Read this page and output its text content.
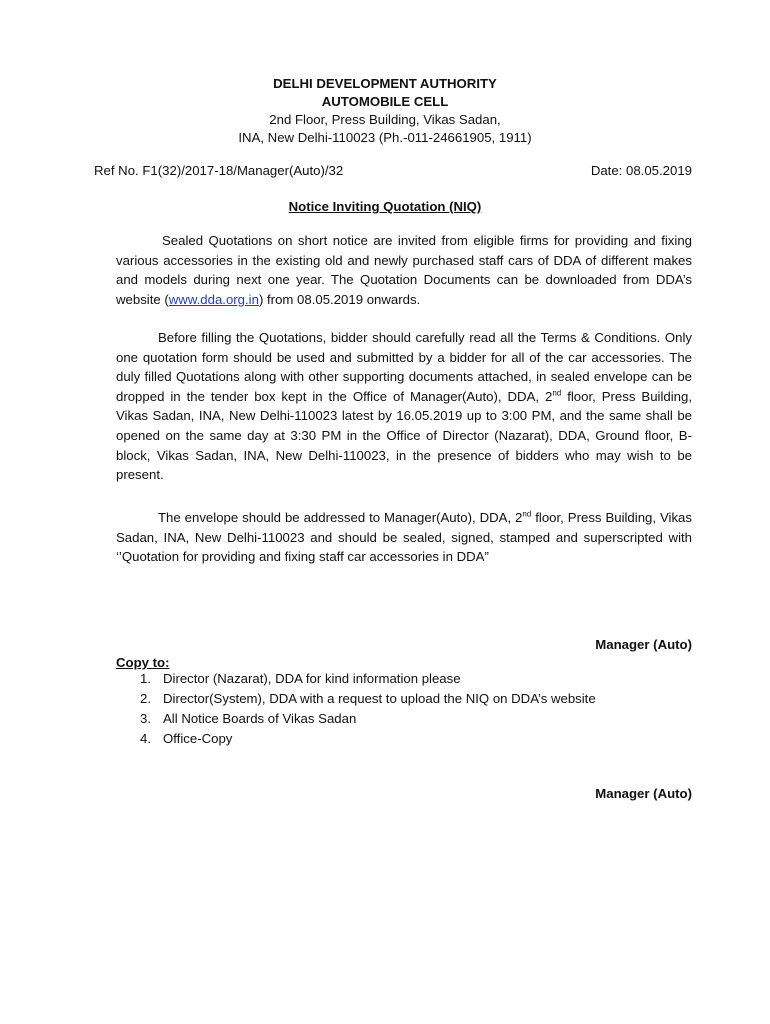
DELHI DEVELOPMENT AUTHORITY
AUTOMOBILE CELL
2nd Floor, Press Building, Vikas Sadan,
INA, New Delhi-110023 (Ph.-011-24661905, 1911)
Ref No. F1(32)/2017-18/Manager(Auto)/32	Date: 08.05.2019
Notice Inviting Quotation (NIQ)

Sealed Quotations on short notice are invited from eligible firms for providing and fixing various accessories in the existing old and newly purchased staff cars of DDA of different makes and models during next one year. The Quotation Documents can be downloaded from DDA’s website (www.dda.org.in) from 08.05.2019 onwards.

Before filling the Quotations, bidder should carefully read all the Terms & Conditions. Only one quotation form should be used and submitted by a bidder for all of the car accessories. The duly filled Quotations along with other supporting documents attached, in sealed envelope can be dropped in the tender box kept in the Office of Manager(Auto), DDA, 2nd floor, Press Building, Vikas Sadan, INA, New Delhi-110023 latest by 16.05.2019 up to 3:00 PM, and the same shall be opened on the same day at 3:30 PM in the Office of Director (Nazarat), DDA, Ground floor, B-block, Vikas Sadan, INA, New Delhi-110023, in the presence of bidders who may wish to be present.

The envelope should be addressed to Manager(Auto), DDA, 2nd floor, Press Building, Vikas Sadan, INA, New Delhi-110023 and should be sealed, signed, stamped and superscripted with ‘’Quotation for providing and fixing staff car accessories in DDA”

Manager (Auto)
Copy to:
1. Director (Nazarat), DDA for kind information please
2. Director(System), DDA with a request to upload the NIQ on DDA’s website
3. All Notice Boards of Vikas Sadan
4. Office-Copy
Manager (Auto)
